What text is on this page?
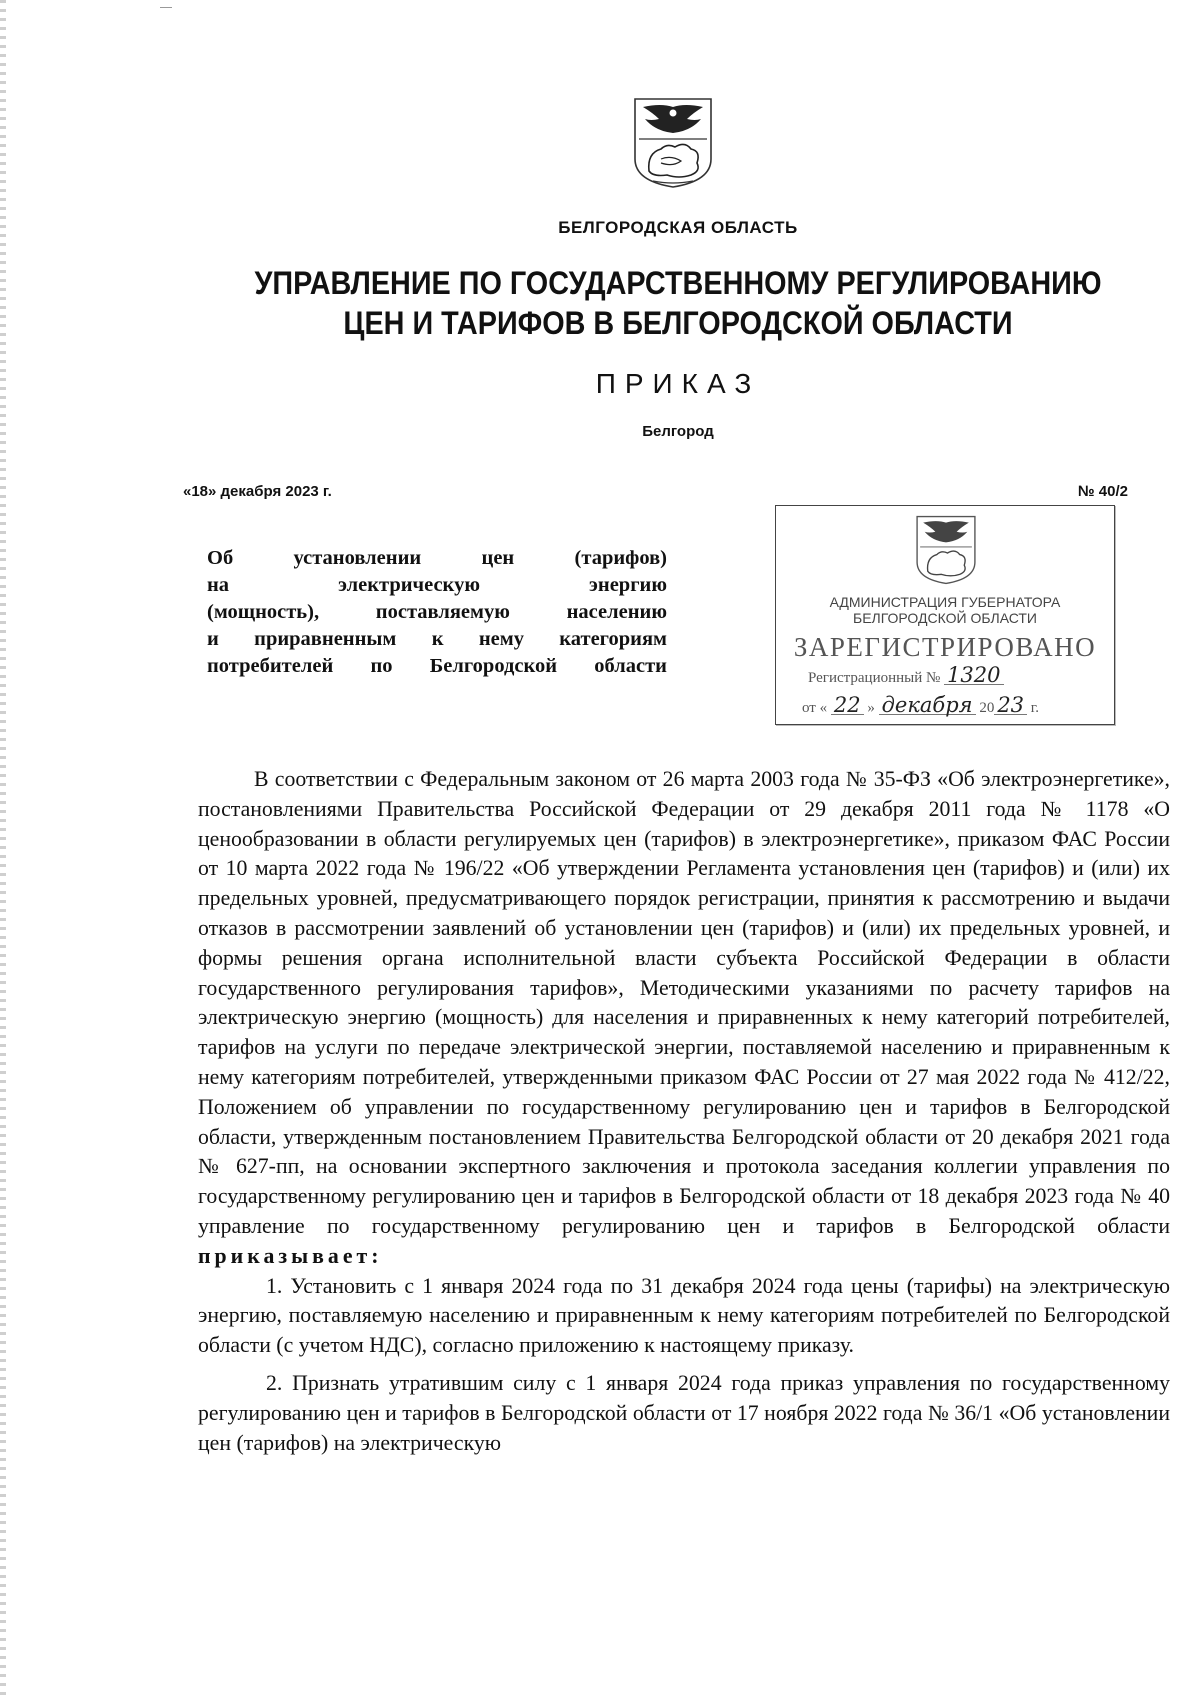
БЕЛГОРОДСКАЯ ОБЛАСТЬ
УПРАВЛЕНИЕ ПО ГОСУДАРСТВЕННОМУ РЕГУЛИРОВАНИЮ
ЦЕН И ТАРИФОВ В БЕЛГОРОДСКОЙ ОБЛАСТИ
ПРИКАЗ
Белгород
«18» декабря 2023 г.	№ 40/2
Об установлении цен (тарифов)
на электрическую энергию
(мощность), поставляемую населению
и приравненным к нему категориям
потребителей по Белгородской области
АДМИНИСТРАЦИЯ ГУБЕРНАТОРА
БЕЛГОРОДСКОЙ ОБЛАСТИ
ЗАРЕГИСТРИРОВАНО
Регистрационный № 1320
от « 22 » декабря 20 23 г.

В соответствии с Федеральным законом от 26 марта 2003 года № 35-ФЗ «Об электроэнергетике», постановлениями Правительства Российской Федерации от 29 декабря 2011 года № 1178 «О ценообразовании в области регулируемых цен (тарифов) в электроэнергетике», приказом ФАС России от 10 марта 2022 года № 196/22 «Об утверждении Регламента установления цен (тарифов) и (или) их предельных уровней, предусматривающего порядок регистрации, принятия к рассмотрению и выдачи отказов в рассмотрении заявлений об установлении цен (тарифов) и (или) их предельных уровней, и формы решения органа исполнительной власти субъекта Российской Федерации в области государственного регулирования тарифов», Методическими указаниями по расчету тарифов на электрическую энергию (мощность) для населения и приравненных к нему категорий потребителей, тарифов на услуги по передаче электрической энергии, поставляемой населению и приравненным к нему категориям потребителей, утвержденными приказом ФАС России от 27 мая 2022 года № 412/22, Положением об управлении по государственному регулированию цен и тарифов в Белгородской области, утвержденным постановлением Правительства Белгородской области от 20 декабря 2021 года № 627-пп, на основании экспертного заключения и протокола заседания коллегии управления по государственному регулированию цен и тарифов в Белгородской области от 18 декабря 2023 года № 40 управление по государственному регулированию цен и тарифов в Белгородской области приказывает:

1. Установить с 1 января 2024 года по 31 декабря 2024 года цены (тарифы) на электрическую энергию, поставляемую населению и приравненным к нему категориям потребителей по Белгородской области (с учетом НДС), согласно приложению к настоящему приказу.

2. Признать утратившим силу с 1 января 2024 года приказ управления по государственному регулированию цен и тарифов в Белгородской области от 17 ноября 2022 года № 36/1 «Об установлении цен (тарифов) на электрическую
